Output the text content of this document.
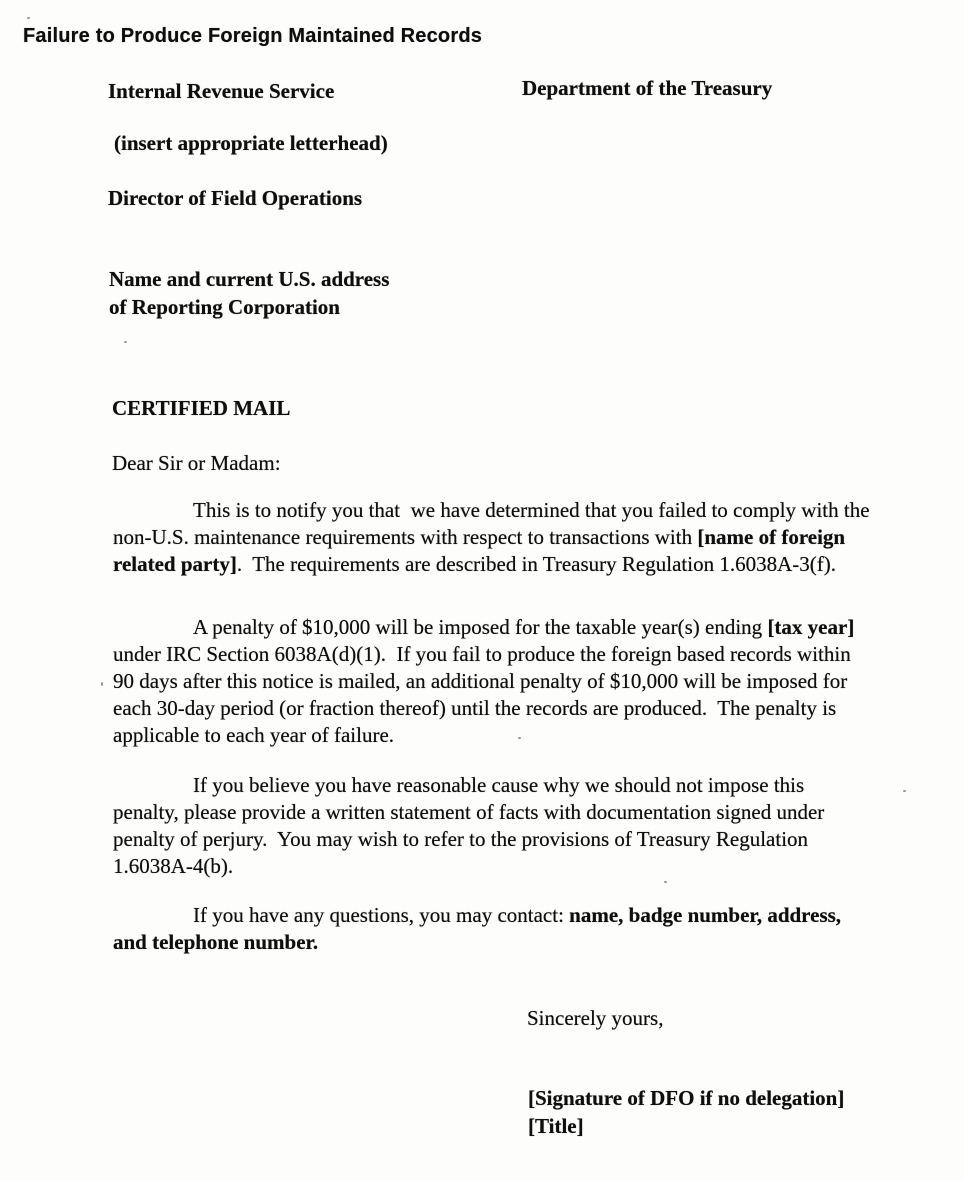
Failure to Produce Foreign Maintained Records
Internal Revenue Service	Department of the Treasury
(insert appropriate letterhead)
Director of Field Operations
Name and current U.S. address
of Reporting Corporation
CERTIFIED MAIL
Dear Sir or Madam:
This is to notify you that  we have determined that you failed to comply with the
non-U.S. maintenance requirements with respect to transactions with [name of foreign
related party].  The requirements are described in Treasury Regulation 1.6038A-3(f).
A penalty of $10,000 will be imposed for the taxable year(s) ending [tax year]
under IRC Section 6038A(d)(1).  If you fail to produce the foreign based records within
90 days after this notice is mailed, an additional penalty of $10,000 will be imposed for
each 30-day period (or fraction thereof) until the records are produced.  The penalty is
applicable to each year of failure.
If you believe you have reasonable cause why we should not impose this
penalty, please provide a written statement of facts with documentation signed under
penalty of perjury.  You may wish to refer to the provisions of Treasury Regulation
1.6038A-4(b).
If you have any questions, you may contact: name, badge number, address,
and telephone number.
Sincerely yours,
[Signature of DFO if no delegation]
[Title]
